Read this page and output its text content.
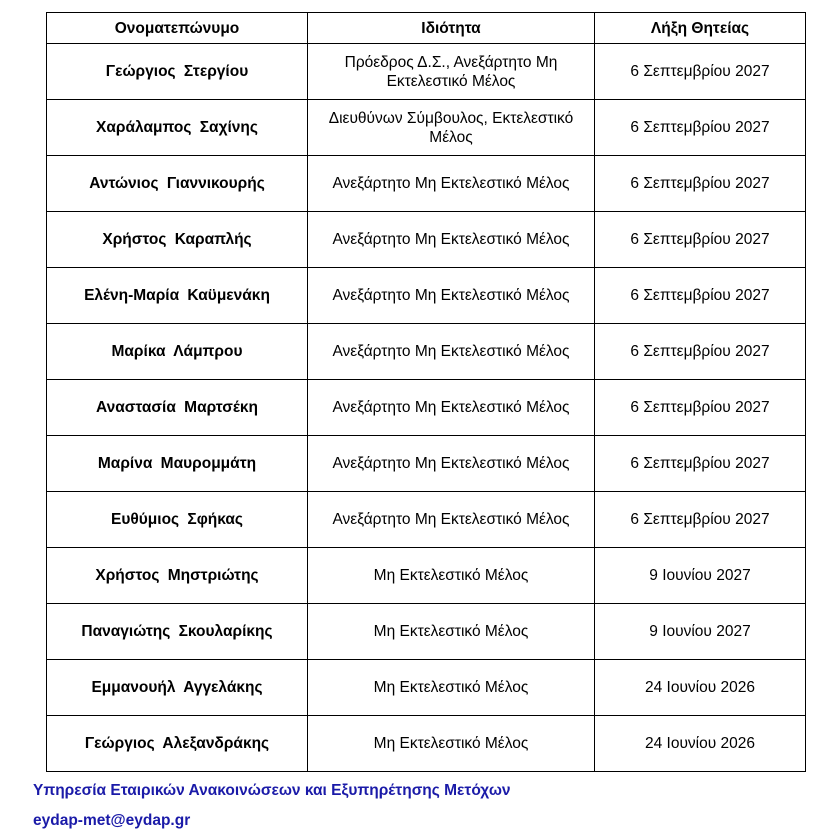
Ονοματεπώνυμο	Ιδιότητα	Λήξη Θητείας
Γεώργιος Στεργίου	Πρόεδρος Δ.Σ., Ανεξάρτητο Μη Εκτελεστικό Μέλος	6 Σεπτεμβρίου 2027
Χαράλαμπος Σαχίνης	Διευθύνων Σύμβουλος, Εκτελεστικό Μέλος	6 Σεπτεμβρίου 2027
Αντώνιος Γιαννικουρής	Ανεξάρτητο Μη Εκτελεστικό Μέλος	6 Σεπτεμβρίου 2027
Χρήστος Καραπλής	Ανεξάρτητο Μη Εκτελεστικό Μέλος	6 Σεπτεμβρίου 2027
Ελένη-Μαρία Καϋμενάκη	Ανεξάρτητο Μη Εκτελεστικό Μέλος	6 Σεπτεμβρίου 2027
Μαρίκα Λάμπρου	Ανεξάρτητο Μη Εκτελεστικό Μέλος	6 Σεπτεμβρίου 2027
Αναστασία Μαρτσέκη	Ανεξάρτητο Μη Εκτελεστικό Μέλος	6 Σεπτεμβρίου 2027
Μαρίνα Μαυρομμάτη	Ανεξάρτητο Μη Εκτελεστικό Μέλος	6 Σεπτεμβρίου 2027
Ευθύμιος Σφήκας	Ανεξάρτητο Μη Εκτελεστικό Μέλος	6 Σεπτεμβρίου 2027
Χρήστος Μηστριώτης	Μη Εκτελεστικό Μέλος	9 Ιουνίου 2027
Παναγιώτης Σκουλαρίκης	Μη Εκτελεστικό Μέλος	9 Ιουνίου 2027
Εμμανουήλ Αγγελάκης	Μη Εκτελεστικό Μέλος	24 Ιουνίου 2026
Γεώργιος Αλεξανδράκης	Μη Εκτελεστικό Μέλος	24 Ιουνίου 2026
Υπηρεσία Εταιρικών Ανακοινώσεων και Εξυπηρέτησης Μετόχων
eydap-met@eydap.gr
